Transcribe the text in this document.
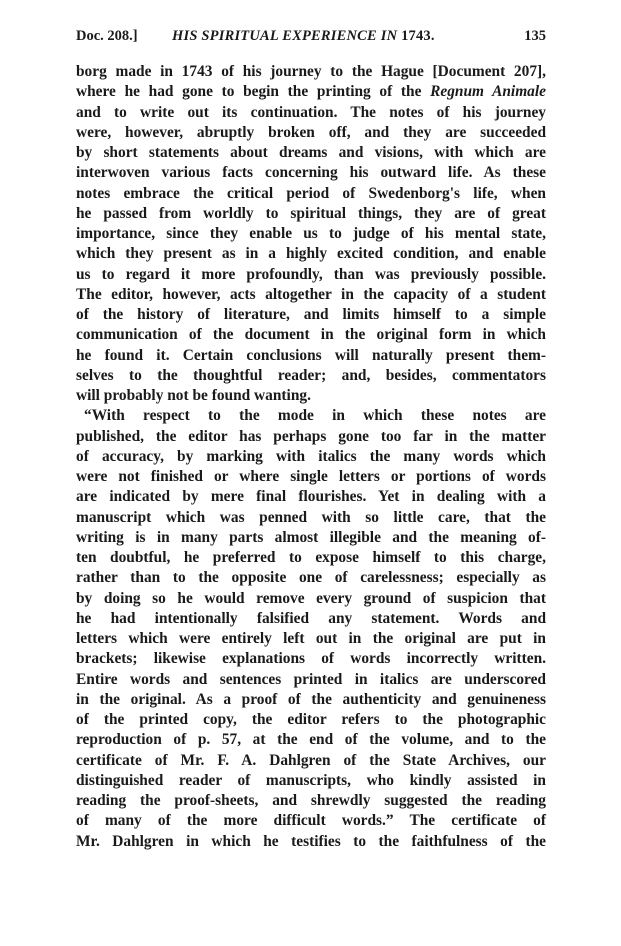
Doc. 208.] HIS SPIRITUAL EXPERIENCE IN 1743.	135
borg made in 1743 of his journey to the Hague [Document 207],
where he had gone to begin the printing of the Regnum Animale
and to write out its continuation. The notes of his journey
were, however, abruptly broken off, and they are succeeded
by short statements about dreams and visions, with which are
interwoven various facts concerning his outward life. As these
notes embrace the critical period of Swedenborg's life, when
he passed from worldly to spiritual things, they are of great
importance, since they enable us to judge of his mental state,
which they present as in a highly excited condition, and enable
us to regard it more profoundly, than was previously possible.
The editor, however, acts altogether in the capacity of a student
of the history of literature, and limits himself to a simple
communication of the document in the original form in which
he found it. Certain conclusions will naturally present them-
selves to the thoughtful reader; and, besides, commentators
will probably not be found wanting.
“With respect to the mode in which these notes are
published, the editor has perhaps gone too far in the matter
of accuracy, by marking with italics the many words which
were not finished or where single letters or portions of words
are indicated by mere final flourishes. Yet in dealing with a
manuscript which was penned with so little care, that the
writing is in many parts almost illegible and the meaning of-
ten doubtful, he preferred to expose himself to this charge,
rather than to the opposite one of carelessness; especially as
by doing so he would remove every ground of suspicion that
he had intentionally falsified any statement. Words and
letters which were entirely left out in the original are put in
brackets; likewise explanations of words incorrectly written.
Entire words and sentences printed in italics are underscored
in the original. As a proof of the authenticity and genuineness
of the printed copy, the editor refers to the photographic
reproduction of p. 57, at the end of the volume, and to the
certificate of Mr. F. A. Dahlgren of the State Archives, our
distinguished reader of manuscripts, who kindly assisted in
reading the proof-sheets, and shrewdly suggested the reading
of many of the more difficult words.” The certificate of
Mr. Dahlgren in which he testifies to the faithfulness of the
